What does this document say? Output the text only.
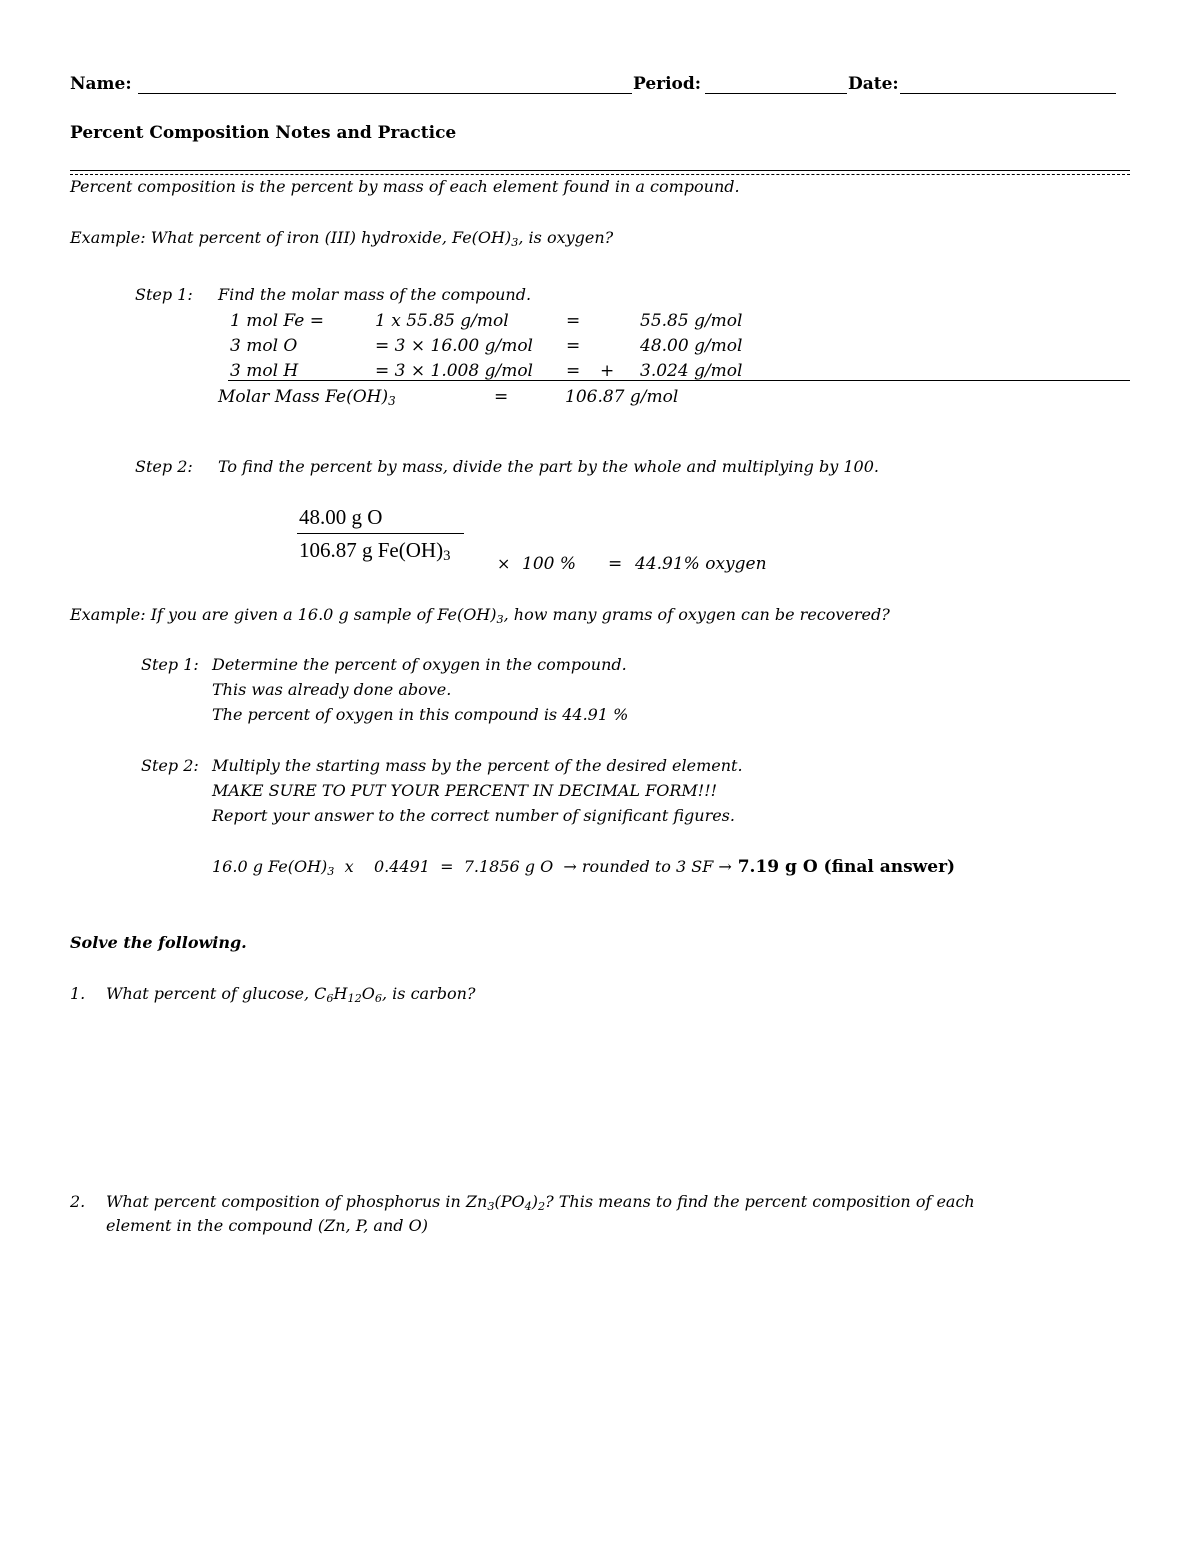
Name:	Period:	Date:
Percent Composition Notes and Practice
Percent composition is the percent by mass of each element found in a compound.
Example: What percent of iron (III) hydroxide, $Fe(OH)_3$, is oxygen?
Step 1: Find the molar mass of the compound.
1 mol Fe =	1 x 55.85 g/mol	=	55.85 g/mol
3 mol O	= 3 × 16.00 g/mol =	48.00 g/mol
3 mol H	= 3 × 1.008 g/mol = + 3.024 g/mol
Molar Mass $Fe(OH)_3$	=	106.87 g/mol
Step 2: To find the percent by mass, divide the part by the whole and multiplying by 100.
48.00 g O
106.87 g $Fe(OH)_3$	× 100 % = 44.91% oxygen
Example: If you are given a 16.0 g sample of $Fe(OH)_3$, how many grams of oxygen can be recovered?
Step 1: Determine the percent of oxygen in the compound.
This was already done above.
The percent of oxygen in this compound is 44.91 %
Step 2: Multiply the starting mass by the percent of the desired element.
MAKE SURE TO PUT YOUR PERCENT IN DECIMAL FORM!!!
Report your answer to the correct number of significant figures.
16.0 g $Fe(OH)_3$  x    0.4491  =  7.1856 g O  → rounded to 3 SF → 7.19 g O (final answer)
Solve the following.
1. What percent of glucose, $C_6H_{12}O_6$, is carbon?
2. What percent composition of phosphorus in $Zn_3(PO_4)_2$? This means to find the percent composition of each
element in the compound (Zn, P, and O)
